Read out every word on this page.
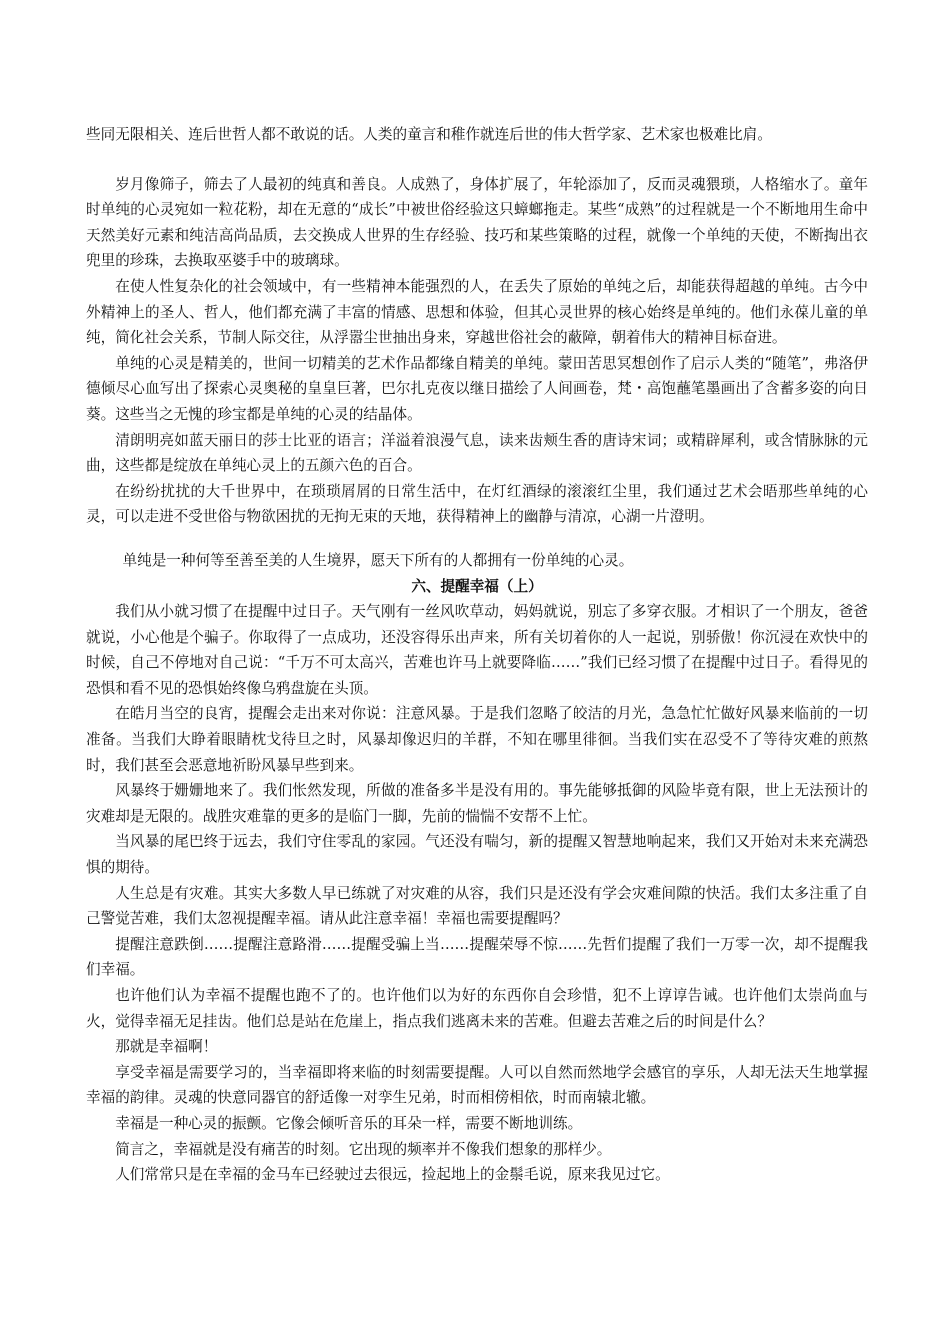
些同无限相关、连后世哲人都不敢说的话。人类的童言和稚作就连后世的伟大哲学家、艺术家也极难比肩。

岁月像筛子，筛去了人最初的纯真和善良。人成熟了，身体扩展了，年轮添加了，反而灵魂猥琐，人格缩水了。童年时单纯的心灵宛如一粒花粉，却在无意的“成长”中被世俗经验这只蟑螂拖走。某些“成熟”的过程就是一个不断地用生命中天然美好元素和纯洁高尚品质，去交换成人世界的生存经验、技巧和某些策略的过程，就像一个单纯的天使，不断掏出衣兜里的珍珠，去换取巫婆手中的玻璃球。

在使人性复杂化的社会领域中，有一些精神本能强烈的人，在丢失了原始的单纯之后，却能获得超越的单纯。古今中外精神上的圣人、哲人，他们都充满了丰富的情感、思想和体验，但其心灵世界的核心始终是单纯的。他们永葆儿童的单纯，简化社会关系，节制人际交往，从浮嚣尘世抽出身来，穿越世俗社会的蔽障，朝着伟大的精神目标奋进。

单纯的心灵是精美的，世间一切精美的艺术作品都缘自精美的单纯。蒙田苦思冥想创作了启示人类的“随笔”，弗洛伊德倾尽心血写出了探索心灵奥秘的皇皇巨著，巴尔扎克夜以继日描绘了人间画卷，梵・高饱蘸笔墨画出了含蓄多姿的向日葵。这些当之无愧的珍宝都是单纯的心灵的结晶体。

清朗明亮如蓝天丽日的莎士比亚的语言；洋溢着浪漫气息，读来齿颊生香的唐诗宋词；或精辟犀利，或含情脉脉的元曲，这些都是绽放在单纯心灵上的五颜六色的百合。

在纷纷扰扰的大千世界中，在琐琐屑屑的日常生活中，在灯红酒绿的滚滚红尘里，我们通过艺术会晤那些单纯的心灵，可以走进不受世俗与物欲困扰的无拘无束的天地，获得精神上的幽静与清凉，心湖一片澄明。

单纯是一种何等至善至美的人生境界，愿天下所有的人都拥有一份单纯的心灵。

六、提醒幸福（上）

我们从小就习惯了在提醒中过日子。天气刚有一丝风吹草动，妈妈就说，别忘了多穿衣服。才相识了一个朋友，爸爸就说，小心他是个骗子。你取得了一点成功，还没容得乐出声来，所有关切着你的人一起说，别骄傲！你沉浸在欢快中的时候，自己不停地对自己说：“千万不可太高兴，苦难也许马上就要降临……”我们已经习惯了在提醒中过日子。看得见的恐惧和看不见的恐惧始终像乌鸦盘旋在头顶。

在皓月当空的良宵，提醒会走出来对你说：注意风暴。于是我们忽略了皎洁的月光，急急忙忙做好风暴来临前的一切准备。当我们大睁着眼睛枕戈待旦之时，风暴却像迟归的羊群，不知在哪里徘徊。当我们实在忍受不了等待灾难的煎熬时，我们甚至会恶意地祈盼风暴早些到来。

风暴终于姗姗地来了。我们怅然发现，所做的准备多半是没有用的。事先能够抵御的风险毕竟有限，世上无法预计的灾难却是无限的。战胜灾难靠的更多的是临门一脚，先前的惴惴不安帮不上忙。

当风暴的尾巴终于远去，我们守住零乱的家园。气还没有喘匀，新的提醒又智慧地响起来，我们又开始对未来充满恐惧的期待。

人生总是有灾难。其实大多数人早已练就了对灾难的从容，我们只是还没有学会灾难间隙的快活。我们太多注重了自己警觉苦难，我们太忽视提醒幸福。请从此注意幸福！幸福也需要提醒吗？

提醒注意跌倒……提醒注意路滑……提醒受骗上当……提醒荣辱不惊……先哲们提醒了我们一万零一次，却不提醒我们幸福。

也许他们认为幸福不提醒也跑不了的。也许他们以为好的东西你自会珍惜，犯不上谆谆告诫。也许他们太崇尚血与火，觉得幸福无足挂齿。他们总是站在危崖上，指点我们逃离未来的苦难。但避去苦难之后的时间是什么？

那就是幸福啊！

享受幸福是需要学习的，当幸福即将来临的时刻需要提醒。人可以自然而然地学会感官的享乐，人却无法天生地掌握幸福的韵律。灵魂的快意同器官的舒适像一对孪生兄弟，时而相傍相依，时而南辕北辙。

幸福是一种心灵的振颤。它像会倾听音乐的耳朵一样，需要不断地训练。

简言之，幸福就是没有痛苦的时刻。它出现的频率并不像我们想象的那样少。

人们常常只是在幸福的金马车已经驶过去很远，捡起地上的金鬃毛说，原来我见过它。
